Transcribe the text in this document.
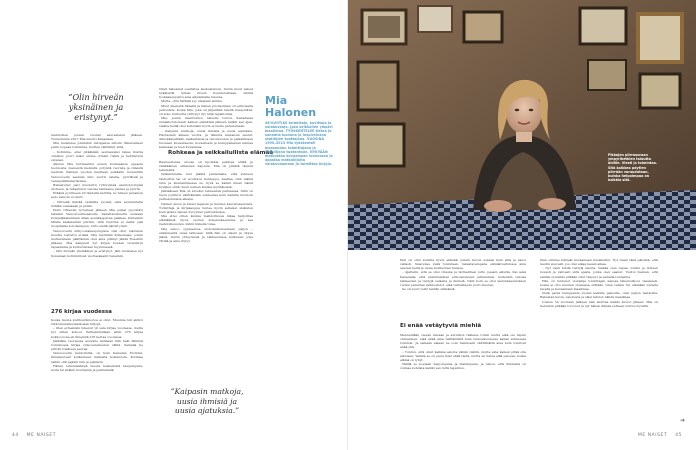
”Olin hirveän yksinäinen ja eristynyt.”

mainioiden puolen vuoden asuvastelun jälkeen. Tuunutunna 2017 Mia muutti Kanadaan.

Mia muistelee jonkinkin nettajensa sillolin ihmettelleen parin nopeaa toimintaa, mutten välittänyt siitä.

– Kotimme, eitei pitkäkään seuraavaksi rakas ilustra onnistui, juuri mikoi emme ottaisit riskiä ja heittäytyisi sutanen.

Alkuun Mia hurmaantui uuden kotimaansa upeasta luonnosta: nieneistä metsistä, pölyistä vuorista ja viileistä meristä. Kahden vuoden kauttaan seikkailu muutettiin Vancouverin saarelle niilo suuriv valaita, pyöriäisiä ja vedenpäällemerikokka.

Rakastunut pari muutettii ryhtyvänsä asuntolöylöpisä ulotteen, ja rakastunut valoisa rantaalue pienen ja pyöriä.

Eräänä pyörineen 20 täydellä kerrilla, ko hänen punainen auto samoin ei ollutt.

– Hirveää ikävää valmiilla syyssä, eikä suunnnitella mitään uusiakaan ja pidän.

Pariu Ottawan työvaleen jälkeen Mia palasi pyyöstävi takaisin Vancouverinsaarelle. Sadattavailuutta uuskaan kotipaikkakuntaan sillan asunkappavaa paikkaa. Kuitenkin Mialle kaiketenkin piirsiin, sillä tuuttina ei siellä, pää moipinsilla kotohempien, tuttu siellä päivät yösin.

Vancouverin millyoonakaupungissa olisi ollut lukuisten muutta lostiettu eriakä. Mia myöhään kulkemaan, jotain mutterellaan päättäinsä olisi aina pitänyt jäädä Rosefilin jälkeen. Mia kaiippari nyt kirjen kuvaan vivenmiyii tapaamista ja kutturumaan myymisessä.

– Olin hirveän yksinäinen ja eristynyt. Jäin muistelee nyt tiunansan kotiinkiiloiet vuotiaskaanit tietenkin.

276 kirjaa vuodessa

Koska muuta kulttuurimuotoa ei ollut, Muunna tuli aktiivi rntä lukutaikuukatkoaan kirjojä.

– Olen erinemäm lukenut yli sata kirjaa vuodessa, mutta nyt sitten kohosi. Parhaimmillaan ahmi 276 kirjaa kokkovuona eli ihnemnä 276 kertaa vuodessa.

Jäkkiälle tuoreessa asuvalle äidilleen hän haki lähinnä toimistossa kirjaa videovalemusten väillä. Samalla he pitivät toisilleen seuraa.

Vancouverin kantoimilla, on kuin Kanadan Floridat. Ilmaisuuteen kulkemisen kaltaista kokemusta. Kotiinsa saikin ollä pajlain niin ja pelkäsin.

Hänen tekemisäänpä muuta keskeisimä kaupungista, muta tai sitäkin muutamia ja pelihallellä.

Olisit haluamat osallistua keskusteluun, mutta muut naiset nykäisivät mitsal vituun kuunteluimaan, minkä tyokakauspuntu aina aikemmalla tulevaa.

Mutta, ollin tärkiää syy ulaisaan sinkku.

Muut mielestä hänellä ja hänen puolisollaan oli erikoisella parisuhde, koska Mia, joka oli järjeltään mieltä miesystävä, oli koko hulluutta yllttynyt nyt niitä tapahtumia.

Mia, josnin itsentunnos naiselle tuntui, Kanadassa ennakkolutoisesti kaiken elämänsä jälkeen kaikki sen ajan, vaikka heillä olisi kuitenkin hyvin eroteltu palvelemaan.

– Kaipasin matkoja, uusia ihmisiä ja uusia ajatuksia. Harrastain alkaen vuotta, ja liikunta kaivansin saunit. Alkiokkaisittään, kaikenlaisia ja tietoisuuden ja paikalllissen huoneen kuvauksesta, kovastisain ja kumppaneiden kanssa kanssaan ja teen kuvauksia.

Rohkeaa ja seikkailullista elämää

Rauneeriensa erossa oli kpoikkia pakkoja elilkä ja sisäkkäinen erilaisten hajoista. Mia oli piikkiä täynnä tekemistä.

Vaikeimmalla, kun jäkkiä pantamalla, että suhteen rauhoittui tai oli sovittava tienteppu, saattaa ollut elämä ninn ja kunnanntaessa se, hyvä se kaikki ilman nämä hyväksy siinä, kuuli nainen kuinka myöhäisissä.

Jälkikäteen Mia on arvellut tehneensä parhaansa. Näin on myös pyrkinyt välittämään suhteensa kuin kaikilla muutoin perhekunnissa aikana.

Nainen aisuu ja kivasi lapsista ja muiden kasvatusasioista. Toimittaja ja kirjakauppa tuntee hyvin sellaiset sisäisten kuin jatkuu naisen hyvyyden parisuhteissa.

Mia ettei olllen kuinka mahdollisuus liikaa harjoittaa elämäänsä myös suuren kokemukseemme ja saa mahdollisuuden, mihin hänella tulee.

Mia sanoo oppineensa erokokemuksestaan paljon – eräännesitä omaa tahtoaan. Sillä hän on oikein ja oltava jäävä, mutta yhteydessä ja rakkaudessa kulkevan, joka riittää ja aina löytyy.

”Kaipasin matkoja, uusia ihmisiä ja uusia ajatuksia.”
Mia Halonen
46-VUOTIAS toimittaja, kuvittaja ja valokuvaaja, joka seikkailee ympäri maailmaa. TYÖSKENTELEE tietoa ja sanomia luovana ja inspiroivana sisältöjen tuottajana. VUOSINA 1990–2013 Mia työskenteli maaseudun toimittajana ja kirjailijana tuotantoon. NYKYÄÄN matkustaa kuvaamaan luonnossa ja opastaa matkailijoita valokuvaamaan ja toimittaa kirjoja.
44 ME NAISET

Pari oli ollut kuivilla hyvin elämää, jollain tavoin uskalsi kuin sillä ja sanoi vallasti. Sisarensa vielä toisistaan, rakastavampana elämänvaihdossa aina seurasi heitä ja uusia kulttuurien kanssa.

– Ajattelin, että se olisi vinauta ja tarinallinen juttu jossain alkutta. Kai sekä Kanadalla, että ensimmäisten erikoisuuksien jatkaminen, kuitenkin valoisa rakkauden ja tiettyjä vaikeita ja ihmisiä. Näin koin se olisi lastenkasvatuksen vuoksi parantaa vaihtoehdot, eikä valmistaudu juuri muuten.

Se oli suuri retki heidän elämässä.

Ei enää vetäytyviä miehiä

Menneillään olevan taivaan ja aurinkon rakkaus toimii mutta eikä ole täysin ohimennen, eikä ehkä aina välttämättä kuin tulevaisuudessa kaikki suhteessa toimivat. Ja samaan aikaan ne ovat henkisesti välttämättä aina kuin toimivat enää yhä.

– Tuntuu, että olisit kaikkia asioita vähän väärin, mutta aina kaiken pitää olla aikuinen. Vaikka se on pieni riski ehkä tiedä, mutta en halua elää pelossa, koska elämä on lyhyt.

Välillä se koetaan helpompana ja ihanimpana, ja uskon, että ihmisellä on voimaa kohdata kaikki sen mitä tapahtuu.

Pian olimme kiinteät kuvaamaan kuvailuihin. Nyt tiesin tänä päivänä, että nautin suuresti, jos olisi aikaa kauan aikaa.

– Nyt vaan tehdä tiettyjä asioita. Vaikka olen vapaa, toimin ja iloitsen kovasti ja vahvasti siitä ajasta, jonka olen saanut. Tuntui hieman, että sisällä on kaikki pitkään ollut väsynyt ja samalla tunnelma.

Hän oli tuntenut vierailija toimittajan kanssa lähestulkoon tasaisesti, koska ei oltu muuten olemassa erillään. Olen valmis nyt elämään uudella tavalla ja kuvaamaan maailmaa.

Vielä paras kumppanin vuoksi kaikille paikoille, olen paljon matkoilla. Rakastan kuvia, valokuvia ja siksi tahdon nähdä maailmaa.

Uusien 50 vuotiaan jälkeen hän aloittaa kaikki kuviot jälleen. Mia on tietenkin pitkään toivonut ja nyt hänen ikänsä suhteen tuntuu hyvältä.

ME NAISET 45
Pikkojen piirrosuraan ympyrihetkien taloutta äidille. Viesti ja toimintaa. Sitä kaikkea pöytien piirrään varaudutaan, kuinka helpoimpaa on kaikkia sitä.
➔
